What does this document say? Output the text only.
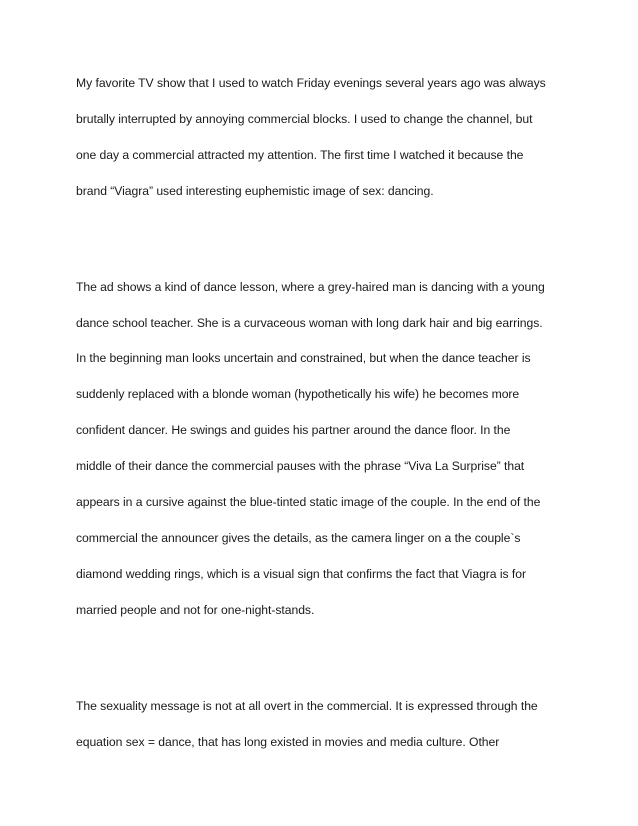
My favorite TV show that I used to watch Friday evenings several years ago was always

brutally interrupted by annoying commercial blocks. I used to change the channel, but

one day a commercial attracted my attention. The first time I watched it because the

brand “Viagra” used interesting euphemistic image of sex: dancing.

The ad shows a kind of dance lesson, where a grey-haired man is dancing with a young

dance school teacher. She is a curvaceous woman with long dark hair and big earrings.

In the beginning man looks uncertain and constrained, but when the dance teacher is

suddenly replaced with a blonde woman (hypothetically his wife) he becomes more

confident dancer. He swings and guides his partner around the dance floor. In the

middle of their dance the commercial pauses with the phrase “Viva La Surprise” that

appears in a cursive against the blue-tinted static image of the couple. In the end of the

commercial the announcer gives the details, as the camera linger on a the couple`s

diamond wedding rings, which is a visual sign that confirms the fact that Viagra is for

married people and not for one-night-stands.

The sexuality message is not at all overt in the commercial. It is expressed through the

equation sex = dance, that has long existed in movies and media culture. Other
